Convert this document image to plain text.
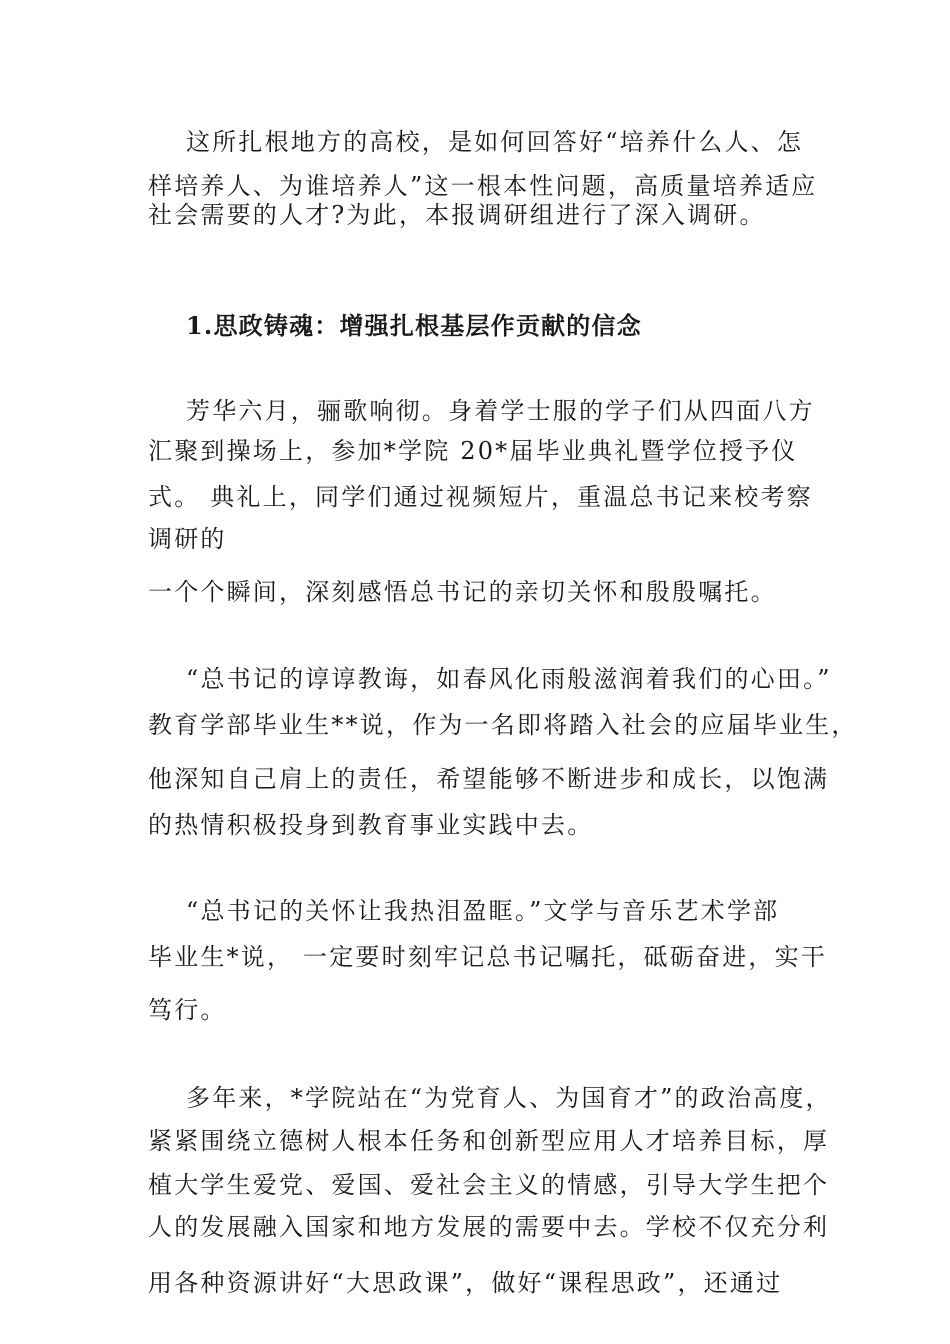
这所扎根地方的高校，是如何回答好“培养什么人、怎
样培养人、为谁培养人”这一根本性问题，高质量培养适应
社会需要的人才?为此，本报调研组进行了深入调研。
1.思政铸魂：增强扎根基层作贡献的信念
芳华六月，骊歌响彻。身着学士服的学子们从四面八方
汇聚到操场上，参加*学院 20*届毕业典礼暨学位授予仪
式。 典礼上，同学们通过视频短片，重温总书记来校考察
调研的
一个个瞬间，深刻感悟总书记的亲切关怀和殷殷嘱托。
“总书记的谆谆教诲，如春风化雨般滋润着我们的心田。”
教育学部毕业生**说，作为一名即将踏入社会的应届毕业生，
他深知自己肩上的责任，希望能够不断进步和成长，以饱满
的热情积极投身到教育事业实践中去。
“总书记的关怀让我热泪盈眶。”文学与音乐艺术学部
毕业生*说， 一定要时刻牢记总书记嘱托，砥砺奋进，实干
笃行。
多年来，*学院站在“为党育人、为国育才”的政治高度，
紧紧围绕立德树人根本任务和创新型应用人才培养目标，厚
植大学生爱党、爱国、爱社会主义的情感，引导大学生把个
人的发展融入国家和地方发展的需要中去。学校不仅充分利
用各种资源讲好“大思政课”，做好“课程思政”，还通过
